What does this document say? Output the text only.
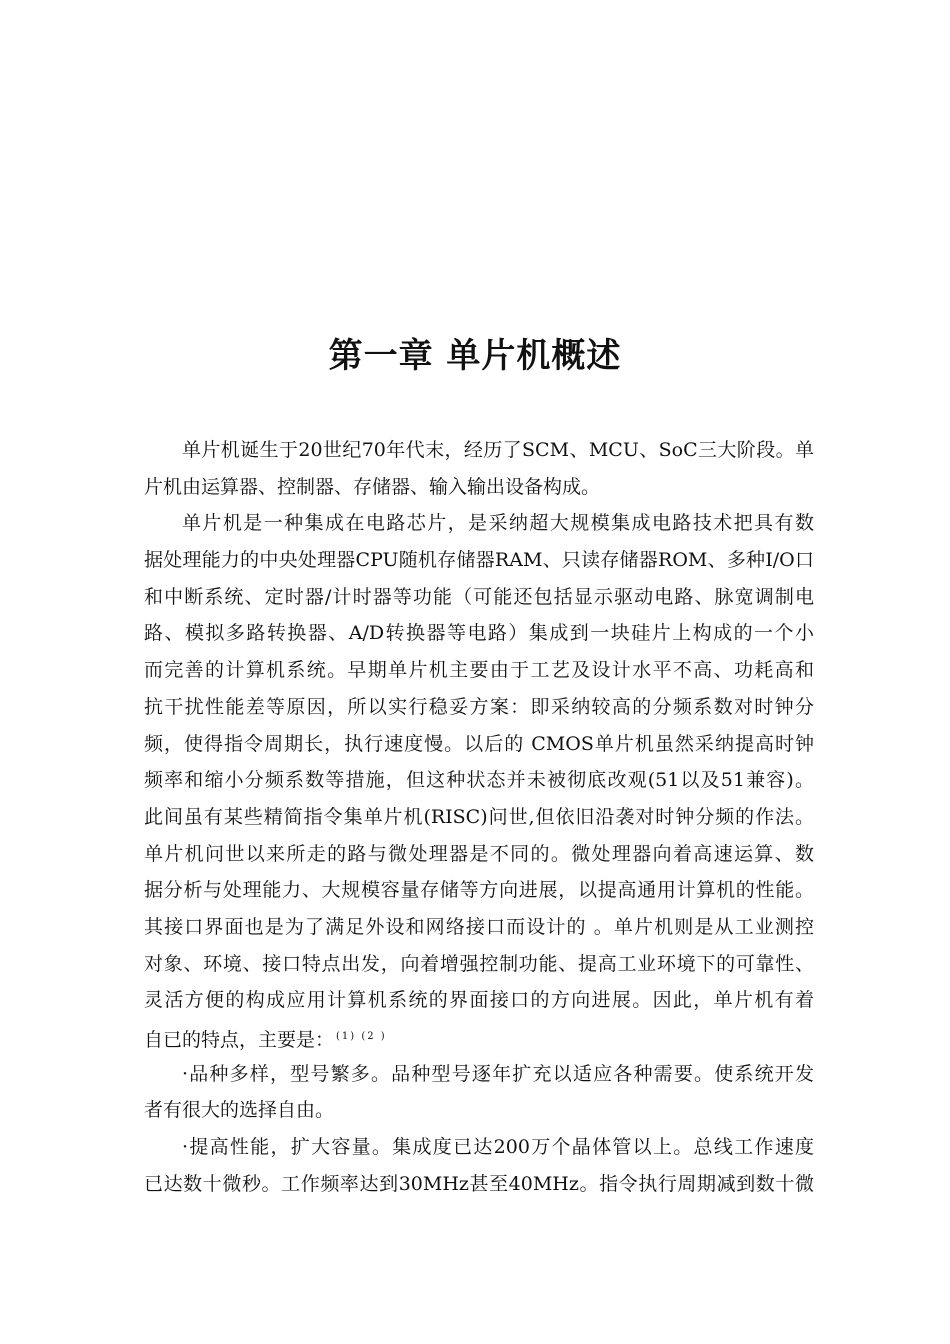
第一章 单片机概述
单片机诞生于20世纪70年代末，经历了SCM、MCU、SoC三大阶段。单
片机由运算器、控制器、存储器、输入输出设备构成。
单片机是一种集成在电路芯片，是采纳超大规模集成电路技术把具有数
据处理能力的中央处理器CPU随机存储器RAM、只读存储器ROM、多种I/O口
和中断系统、定时器/计时器等功能（可能还包括显示驱动电路、脉宽调制电
路、模拟多路转换器、A/D转换器等电路）集成到一块硅片上构成的一个小
而完善的计算机系统。早期单片机主要由于工艺及设计水平不高、功耗高和
抗干扰性能差等原因，所以实行稳妥方案：即采纳较高的分频系数对时钟分
频，使得指令周期长，执行速度慢。以后的 CMOS单片机虽然采纳提高时钟
频率和缩小分频系数等措施，但这种状态并未被彻底改观(51以及51兼容)。
此间虽有某些精简指令集单片机(RISC)问世,但依旧沿袭对时钟分频的作法。
单片机问世以来所走的路与微处理器是不同的。微处理器向着高速运算、数
据分析与处理能力、大规模容量存储等方向进展，以提高通用计算机的性能。
其接口界面也是为了满足外设和网络接口而设计的 。单片机则是从工业测控
对象、环境、接口特点出发，向着增强控制功能、提高工业环境下的可靠性、
灵活方便的构成应用计算机系统的界面接口的方向进展。因此，单片机有着
自已的特点，主要是： $^{(1) (2 )}$
·品种多样，型号繁多。品种型号逐年扩充以适应各种需要。使系统开发
者有很大的选择自由。
·提高性能，扩大容量。集成度已达200万个晶体管以上。总线工作速度
已达数十微秒。工作频率达到30MHz甚至40MHz。指令执行周期减到数十微
